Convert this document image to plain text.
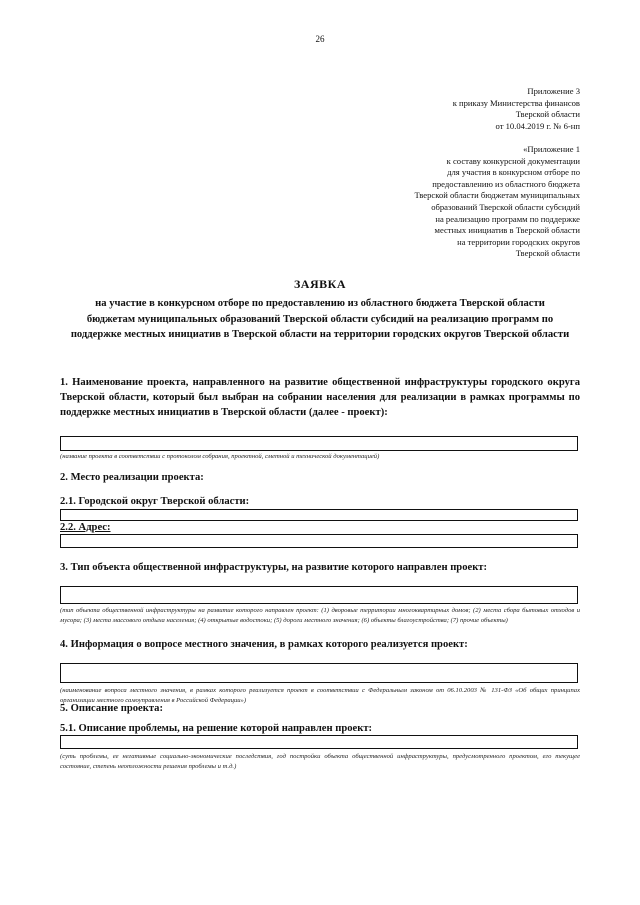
26
Приложение 3
к приказу Министерства финансов
Тверской области
от 10.04.2019 г. № 6-нп
«Приложение 1
к составу конкурсной документации
для участия в конкурсном отборе по
предоставлению из областного бюджета
Тверской области бюджетам муниципальных
образований Тверской области субсидий
на реализацию программ по поддержке
местных инициатив в Тверской области
на территории городских округов
Тверской области
ЗАЯВКА
на участие в конкурсном отборе по предоставлению из областного бюджета Тверской области бюджетам муниципальных образований Тверской области субсидий на реализацию программ по поддержке местных инициатив в Тверской области на территории городских округов Тверской области
1. Наименование проекта, направленного на развитие общественной инфраструктуры городского округа Тверской области, который был выбран на собрании населения для реализации в рамках программы по поддержке местных инициатив в Тверской области (далее - проект):
(название проекта в соответствии с протоколом собрания, проектной, сметной и технической документацией)
2. Место реализации проекта:
2.1. Городской округ Тверской области:
2.2. Адрес:
3. Тип объекта общественной инфраструктуры, на развитие которого направлен проект:
(тип объекта общественной инфраструктуры на развитие которого направлен проект: (1) дворовые территории многоквартирных домов; (2) места сбора бытовых отходов и мусора; (3) места массового отдыха населения; (4) открытые водостоки; (5) дороги местного значения; (6) объекты благоустройства; (7) прочие объекты)
4. Информация о вопросе местного значения, в рамках которого реализуется проект:
(наименование вопроса местного значения, в рамках которого реализуется проект в соответствии с Федеральным законом от 06.10.2003 № 131-ФЗ «Об общих принципах организации местного самоуправления в Российской Федерации»)
5. Описание проекта:
5.1. Описание проблемы, на решение которой направлен проект:
(суть проблемы, ее негативные социально-экономические последствия, год постройки объекта общественной инфраструктуры, предусмотренного проектом, его текущее состояние, степень неотложности решения проблемы и т.д.)
